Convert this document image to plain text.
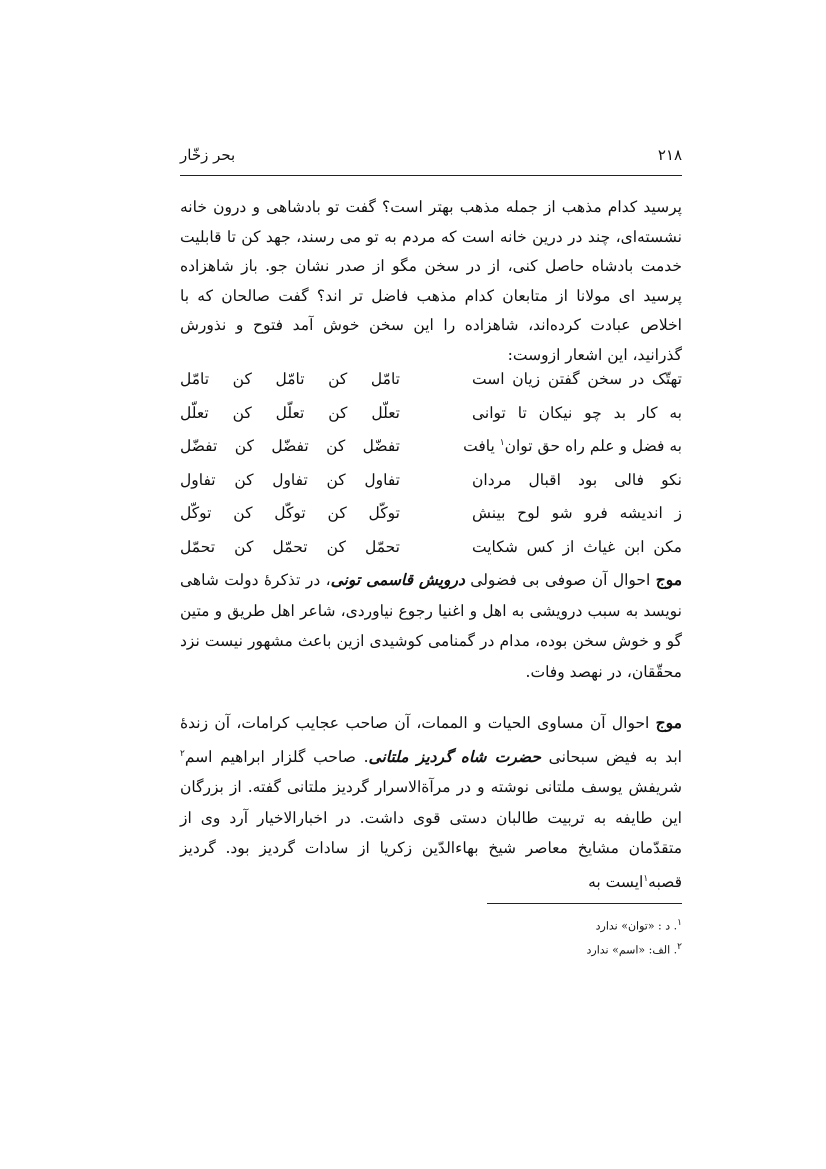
۲۱۸
بحر زخّار

پرسید کدام مذهب از جمله مذهب بهتر است؟ گفت تو بادشاهی و درون خانه نشسته‌ای، چند در درین خانه است که مردم به تو می رسند، جهد کن تا قابلیت خدمت بادشاه حاصل کنی، از در سخن مگو از صدر نشان جو. باز شاهزاده پرسید ای مولانا از متابعان کدام مذهب فاضل تر اند؟ گفت صالحان که با اخلاص عبادت کرده‌اند، شاهزاده را این سخن خوش آمد فتوح و نذورش گذرانید، این اشعار ازوست:

تهتّک در سخن گفتن زیان است
تامّل کن تامّل کن تامّل
به کار بد چو نیکان تا توانی
تعلّل کن تعلّل کن تعلّل
به فضل و علم راه حق توان$^۱$ یافت
تفضّل کن تفضّل کن تفضّل
نکو فالی بود اقبال مردان
تفاول کن تفاول کن تفاول
ز اندیشه فرو شو لوح بینش
توکّل کن توکّل کن توکّل
مکن ابن غیاث از کس شکایت
تحمّل کن تحمّل کن تحمّل
موج احوال آن صوفی بی فضولی درویش قاسمی تونی، در تذکرهٔ دولت شاهی نویسد به سبب درویشی به اهل و اغنیا رجوع نیاوردی، شاعر اهل طریق و متین گو و خوش سخن بوده، مدام در گمنامی کوشیدی ازین باعث مشهور نیست نزد محقّقان، در نهصد وفات.
موج احوال آن مساوی الحیات و الممات، آن صاحب عجایب کرامات، آن زندهٔ ابد به فیض سبحانی حضرت شاه گردیز ملتانی. صاحب گلزار ابراهیم اسم$^۲$ شریفش یوسف ملتانی نوشته و در مرآةالاسرار گردیز ملتانی گفته. از بزرگان این طایفه به تربیت طالبان دستی قوی داشت. در اخبارالاخیار آرد وی از متقدّمان مشایخ معاصر شیخ بهاءالدّین زکریا از سادات گردیز بود. گردیز قصبه$^۱$ایست به

$^۱$. د : «توان» ندارد

$^۲$. الف: «اسم» ندارد
